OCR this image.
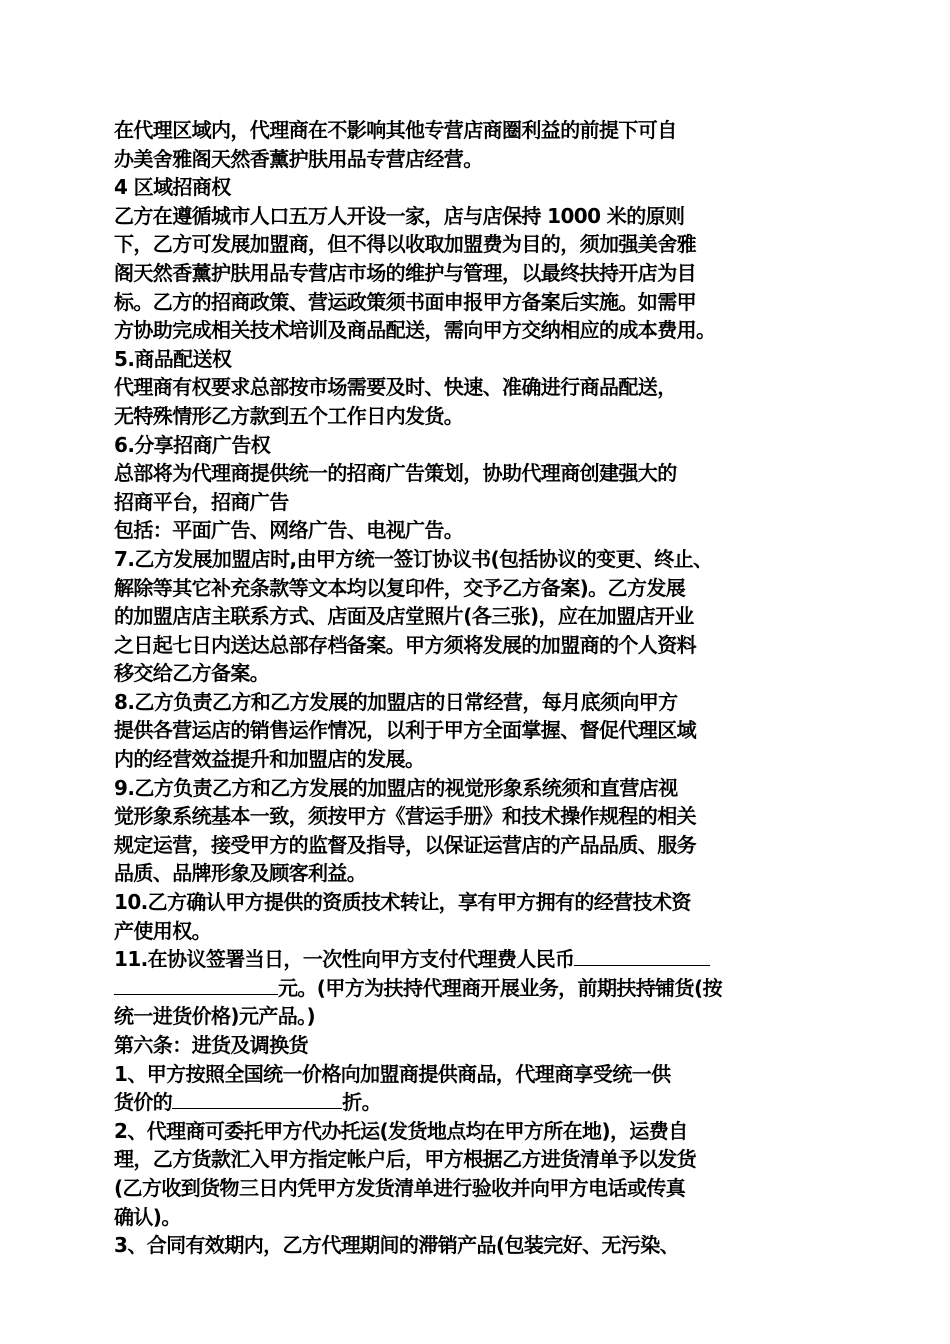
在代理区域内，代理商在不影响其他专营店商圈利益的前提下可自
办美舍雅阁天然香薰护肤用品专营店经营。
4 区域招商权
乙方在遵循城市人口五万人开设一家，店与店保持 1000 米的原则
下，乙方可发展加盟商，但不得以收取加盟费为目的，须加强美舍雅
阁天然香薰护肤用品专营店市场的维护与管理，以最终扶持开店为目
标。乙方的招商政策、营运政策须书面申报甲方备案后实施。如需甲
方协助完成相关技术培训及商品配送，需向甲方交纳相应的成本费用。
5.商品配送权
代理商有权要求总部按市场需要及时、快速、准确进行商品配送，
无特殊情形乙方款到五个工作日内发货。
6.分享招商广告权
总部将为代理商提供统一的招商广告策划，协助代理商创建强大的
招商平台，招商广告
包括：平面广告、网络广告、电视广告。
7.乙方发展加盟店时,由甲方统一签订协议书(包括协议的变更、终止、
解除等其它补充条款等文本均以复印件，交予乙方备案)。乙方发展
的加盟店店主联系方式、店面及店堂照片(各三张)，应在加盟店开业
之日起七日内送达总部存档备案。甲方须将发展的加盟商的个人资料
移交给乙方备案。
8.乙方负责乙方和乙方发展的加盟店的日常经营，每月底须向甲方
提供各营运店的销售运作情况，以利于甲方全面掌握、督促代理区域
内的经营效益提升和加盟店的发展。
9.乙方负责乙方和乙方发展的加盟店的视觉形象系统须和直营店视
觉形象系统基本一致，须按甲方《营运手册》和技术操作规程的相关
规定运营，接受甲方的监督及指导，以保证运营店的产品品质、服务
品质、品牌形象及顾客利益。
10.乙方确认甲方提供的资质技术转让，享有甲方拥有的经营技术资
产使用权。
11.在协议签署当日，一次性向甲方支付代理费人民币
元。(甲方为扶持代理商开展业务，前期扶持铺货(按
统一进货价格)元产品。)
第六条：进货及调换货
1、甲方按照全国统一价格向加盟商提供商品，代理商享受统一供
货价的	折。
2、代理商可委托甲方代办托运(发货地点均在甲方所在地)，运费自
理，乙方货款汇入甲方指定帐户后，甲方根据乙方进货清单予以发货
(乙方收到货物三日内凭甲方发货清单进行验收并向甲方电话或传真
确认)。
3、合同有效期内，乙方代理期间的滞销产品(包装完好、无污染、
